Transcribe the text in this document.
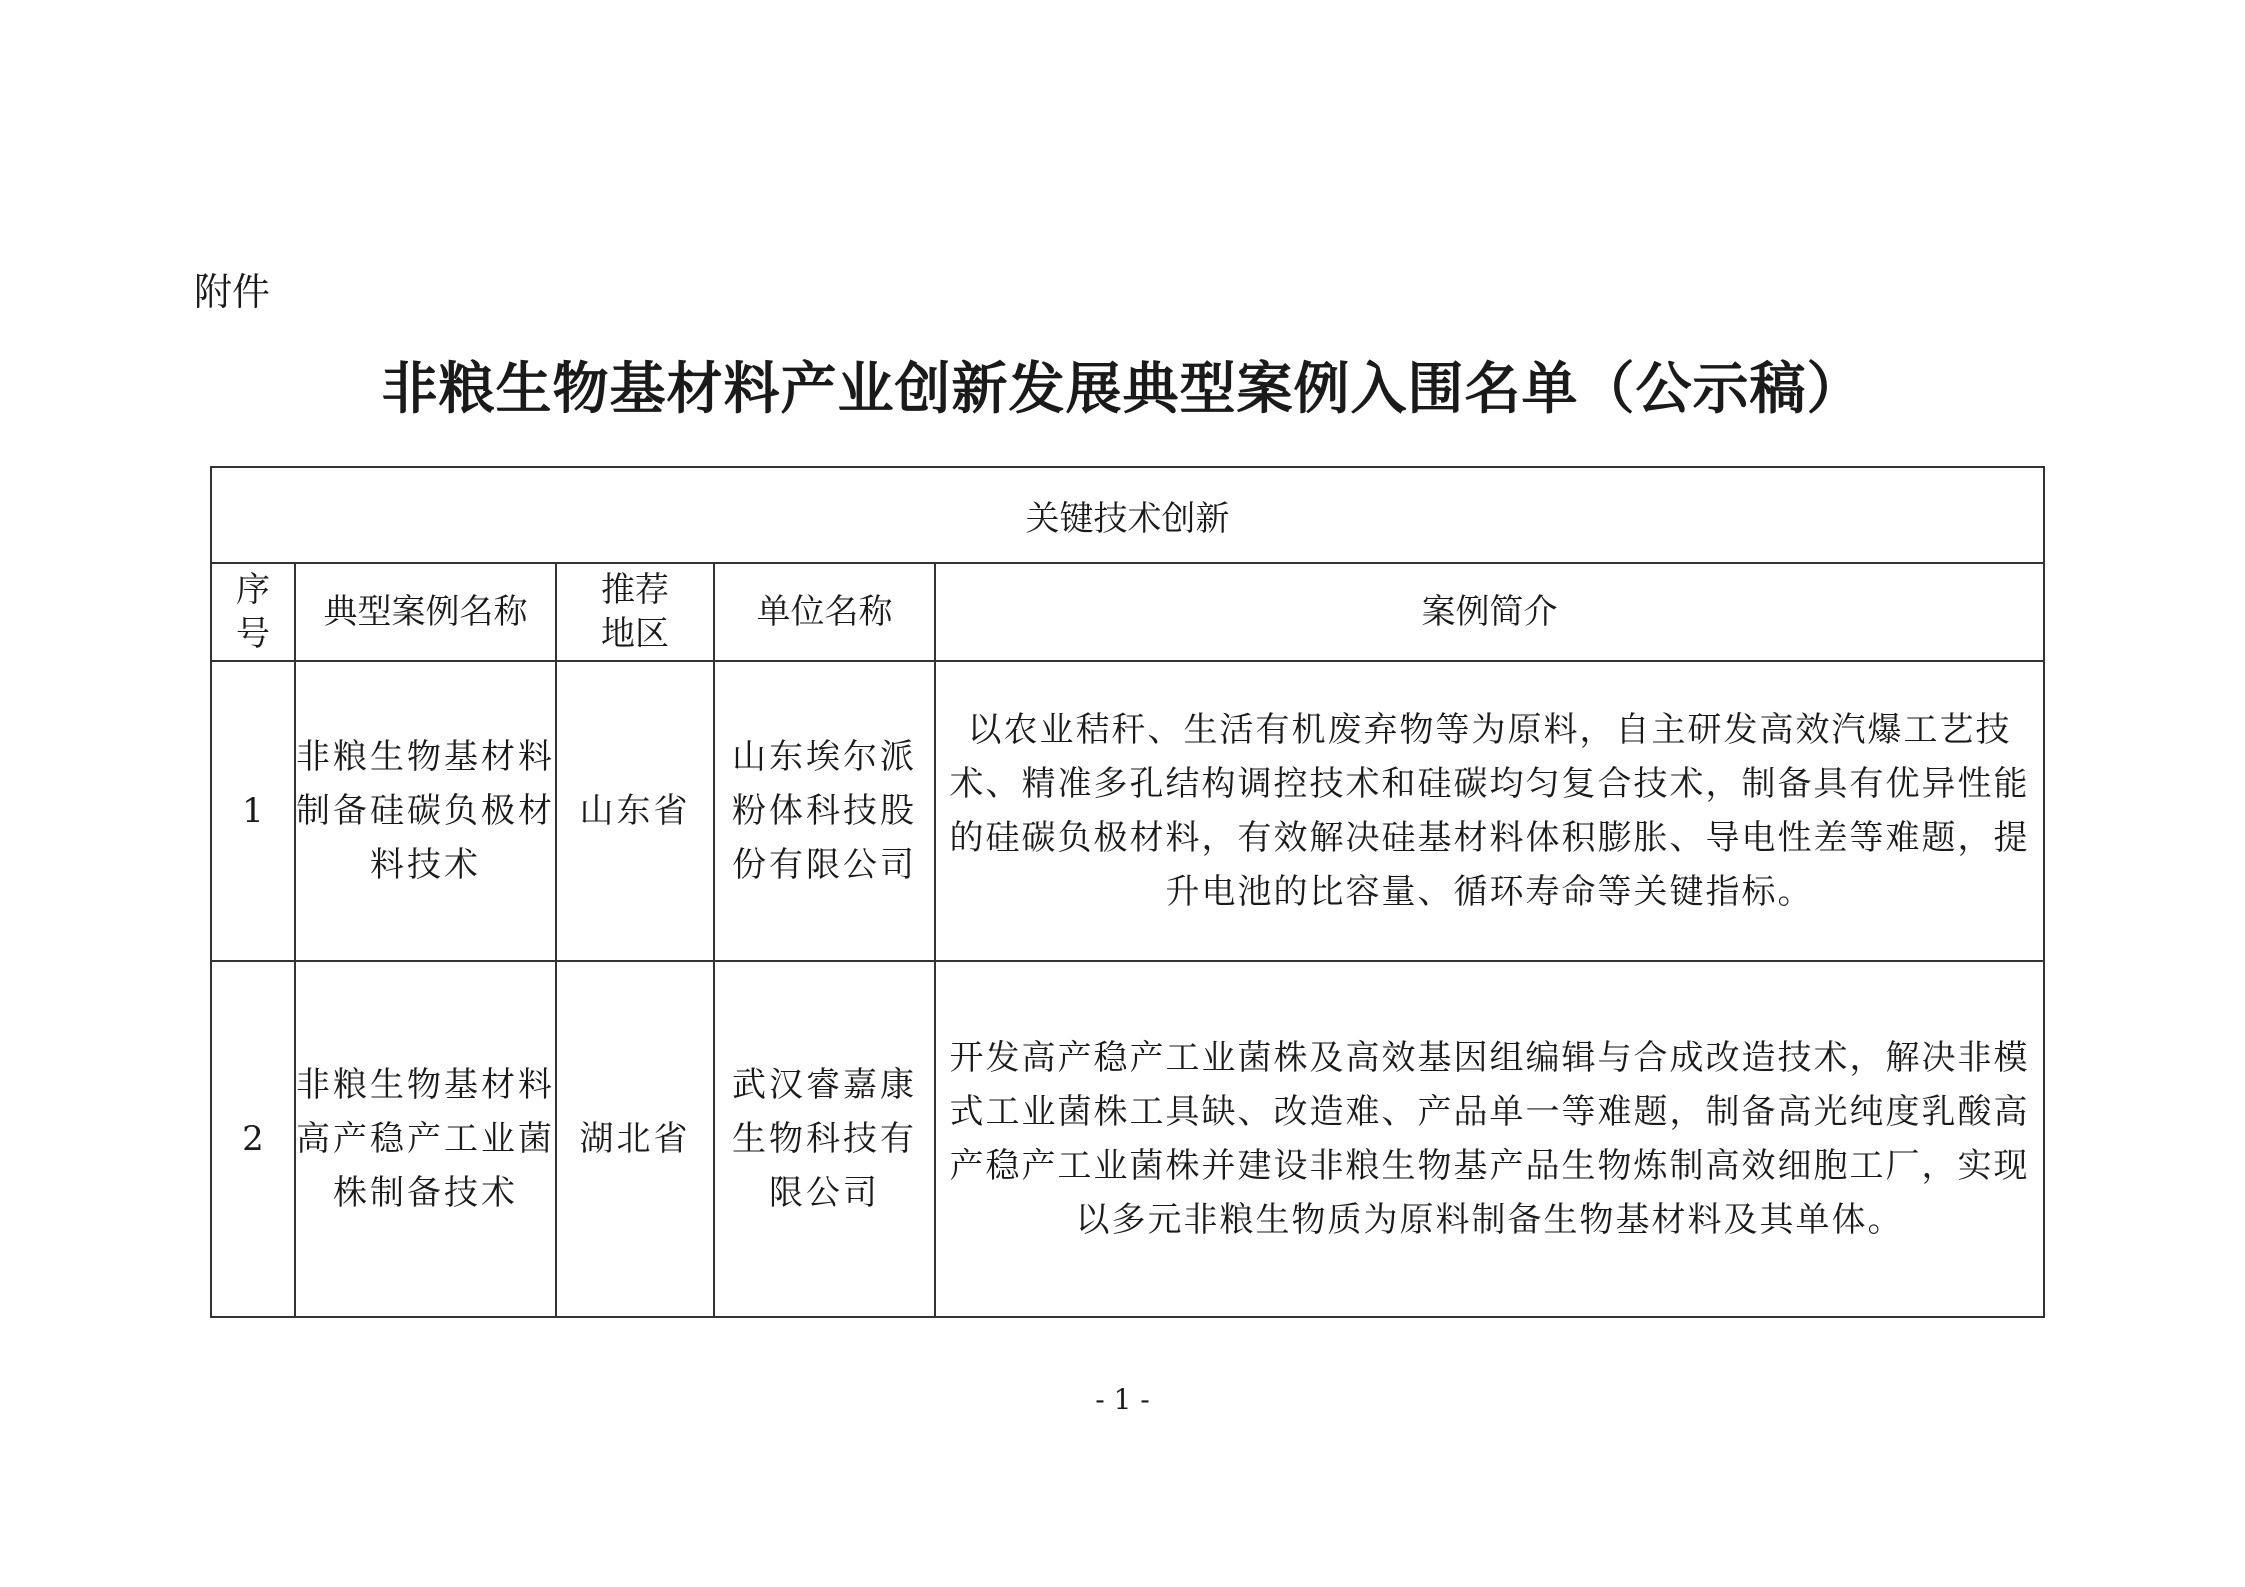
附件
非粮生物基材料产业创新发展典型案例入围名单（公示稿）
关键技术创新				
序号	典型案例名称	推荐地区	单位名称	案例简介
1	非粮生物基材料制备硅碳负极材料技术	山东省	山东埃尔派粉体科技股份有限公司	以农业秸秆、生活有机废弃物等为原料，自主研发高效汽爆工艺技术、精准多孔结构调控技术和硅碳均匀复合技术，制备具有优异性能的硅碳负极材料，有效解决硅基材料体积膨胀、导电性差等难题，提升电池的比容量、循环寿命等关键指标。
2	非粮生物基材料高产稳产工业菌株制备技术	湖北省	武汉睿嘉康生物科技有限公司	开发高产稳产工业菌株及高效基因组编辑与合成改造技术，解决非模式工业菌株工具缺、改造难、产品单一等难题，制备高光纯度乳酸高产稳产工业菌株并建设非粮生物基产品生物炼制高效细胞工厂，实现以多元非粮生物质为原料制备生物基材料及其单体。
- 1 -
